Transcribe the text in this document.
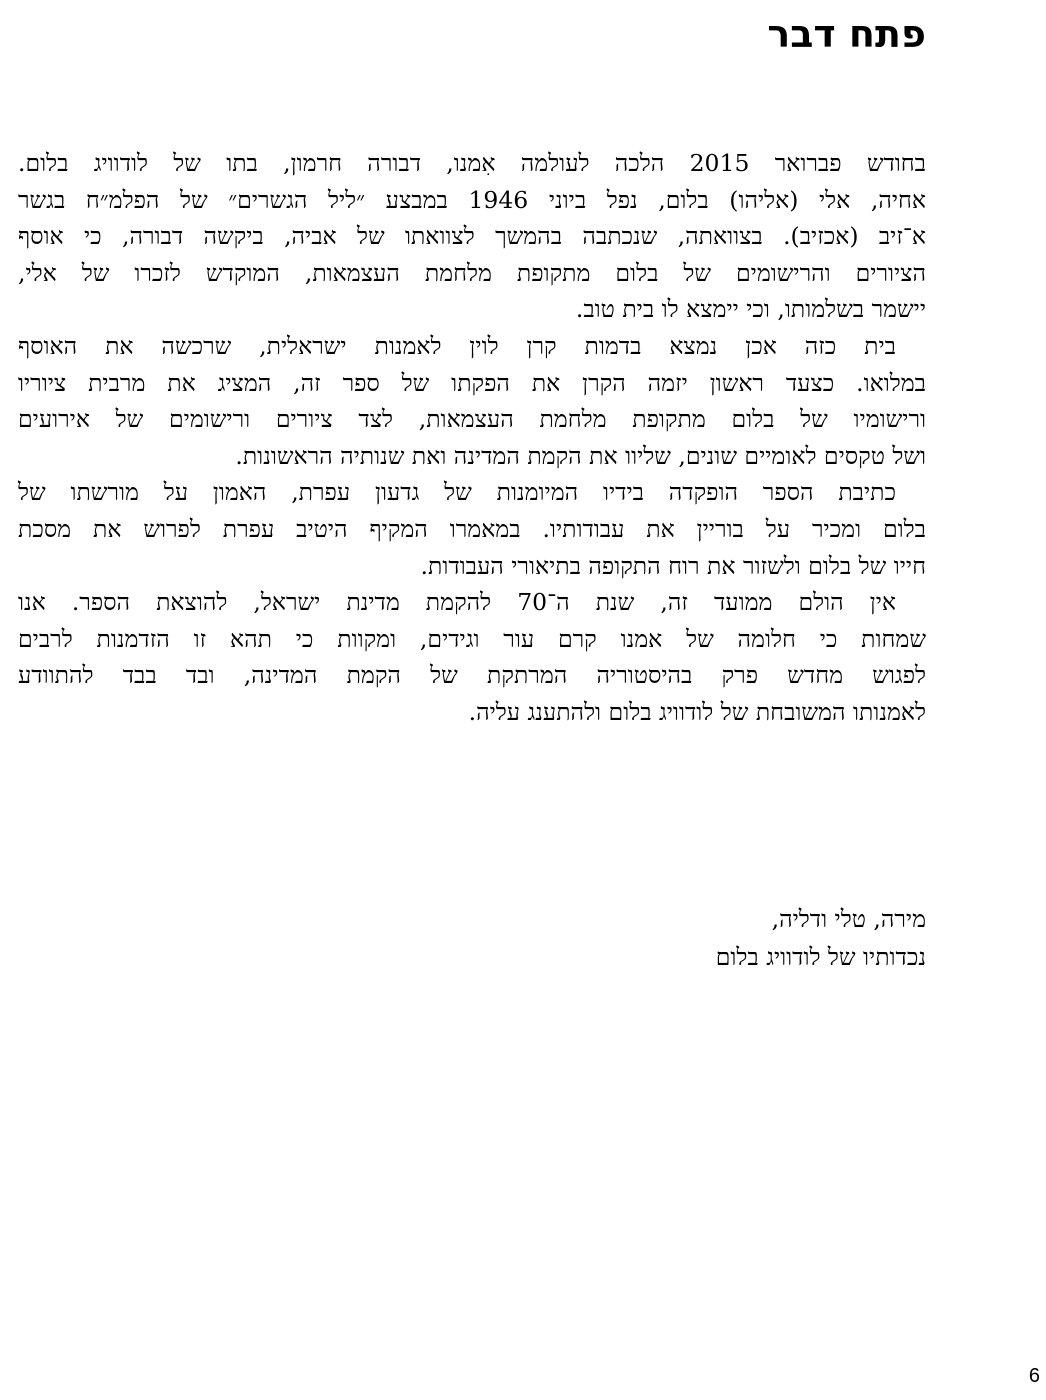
פתח דבר
בחודש פברואר 2015 הלכה לעולמה אִמנו, דבורה חרמון, בתו של לודוויג בלום.
אחיה, אלי (אליהו) בלום, נפל ביוני 1946 במבצע ״ליל הגשרים״ של הפלמ״ח בגשר
א־זיב (אכזיב). בצוואתה, שנכתבה בהמשך לצוואתו של אביה, ביקשה דבורה, כי אוסף
הציורים והרישומים של בלום מתקופת מלחמת העצמאות, המוקדש לזכרו של אלי,
יישמר בשלמותו, וכי יימצא לו בית טוב.
בית כזה אכן נמצא בדמות קרן לוין לאמנות ישראלית, שרכשה את האוסף
במלואו. כצעד ראשון יזמה הקרן את הפקתו של ספר זה, המציג את מרבית ציוריו
ורישומיו של בלום מתקופת מלחמת העצמאות, לצד ציורים ורישומים של אירועים
ושל טקסים לאומיים שונים, שליוו את הקמת המדינה ואת שנותיה הראשונות.
כתיבת הספר הופקדה בידיו המיומנות של גדעון עפרת, האמון על מורשתו של
בלום ומכיר על בוריין את עבודותיו. במאמרו המקיף היטיב עפרת לפרוש את מסכת
חייו של בלום ולשזור את רוח התקופה בתיאורי העבודות.
אין הולם ממועד זה, שנת ה־70 להקמת מדינת ישראל, להוצאת הספר. אנו
שמחות כי חלומה של אמנו קרם עור וגידים, ומקוות כי תהא זו הזדמנות לרבים
לפגוש מחדש פרק בהיסטוריה המרתקת של הקמת המדינה, ובד בבד להתוודע
לאמנותו המשובחת של לודוויג בלום ולהתענג עליה.
מירה, טלי ודליה,
נכדותיו של לודוויג בלום
6
